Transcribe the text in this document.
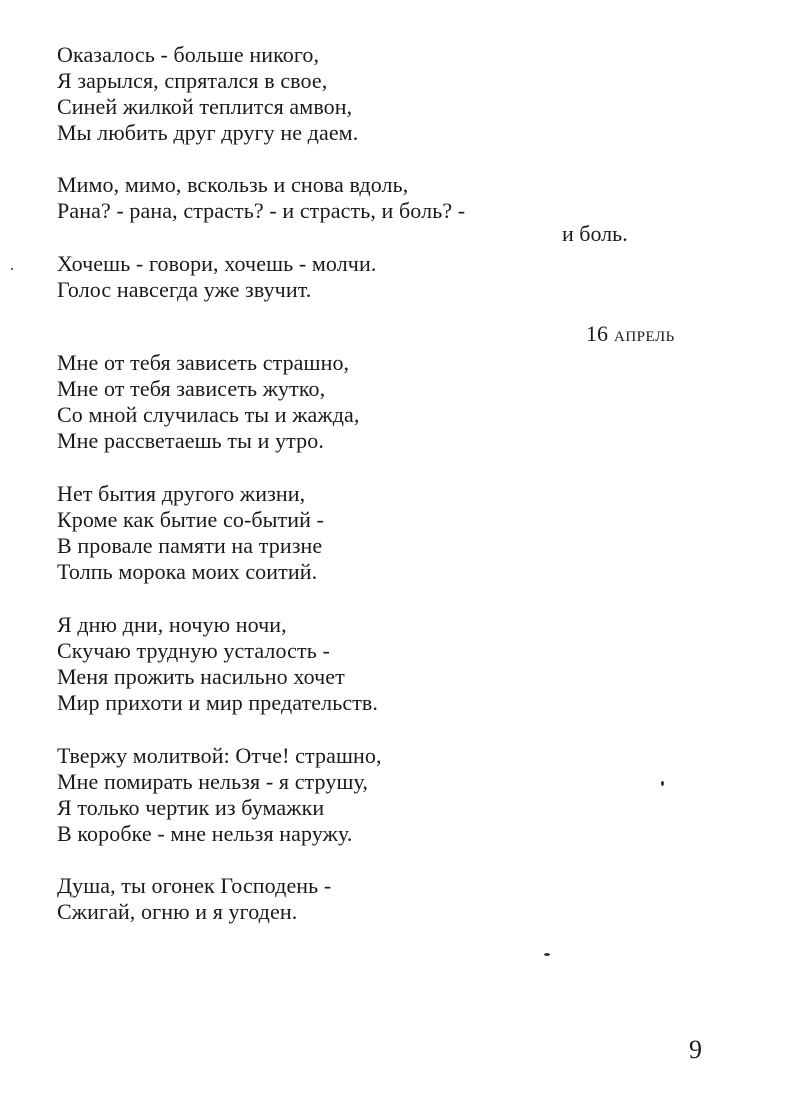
Оказалось - больше никого,
Я зарылся, спрятался в свое,
Синей жилкой теплится амвон,
Мы любить друг другу не даем.
Мимо, мимо, вскользь и снова вдоль,
Рана? - рана, страсть? - и страсть, и боль? -
и боль.
Хочешь - говори, хочешь - молчи.
Голос навсегда уже звучит.
16 АПРЕЛЬ
Мне от тебя зависеть страшно,
Мне от тебя зависеть жутко,
Со мной случилась ты и жажда,
Мне рассветаешь ты и утро.
Нет бытия другого жизни,
Кроме как бытие со-бытий -
В провале памяти на тризне
Толпь морока моих соитий.
Я дню дни, ночую ночи,
Скучаю трудную усталость -
Меня прожить насильно хочет
Мир прихоти и мир предательств.
Твержу молитвой: Отче! страшно,
Мне помирать нельзя - я струшу,
Я только чертик из бумажки
В коробке - мне нельзя наружу.
Душа, ты огонек Господень -
Сжигай, огню и я угоден.
9
